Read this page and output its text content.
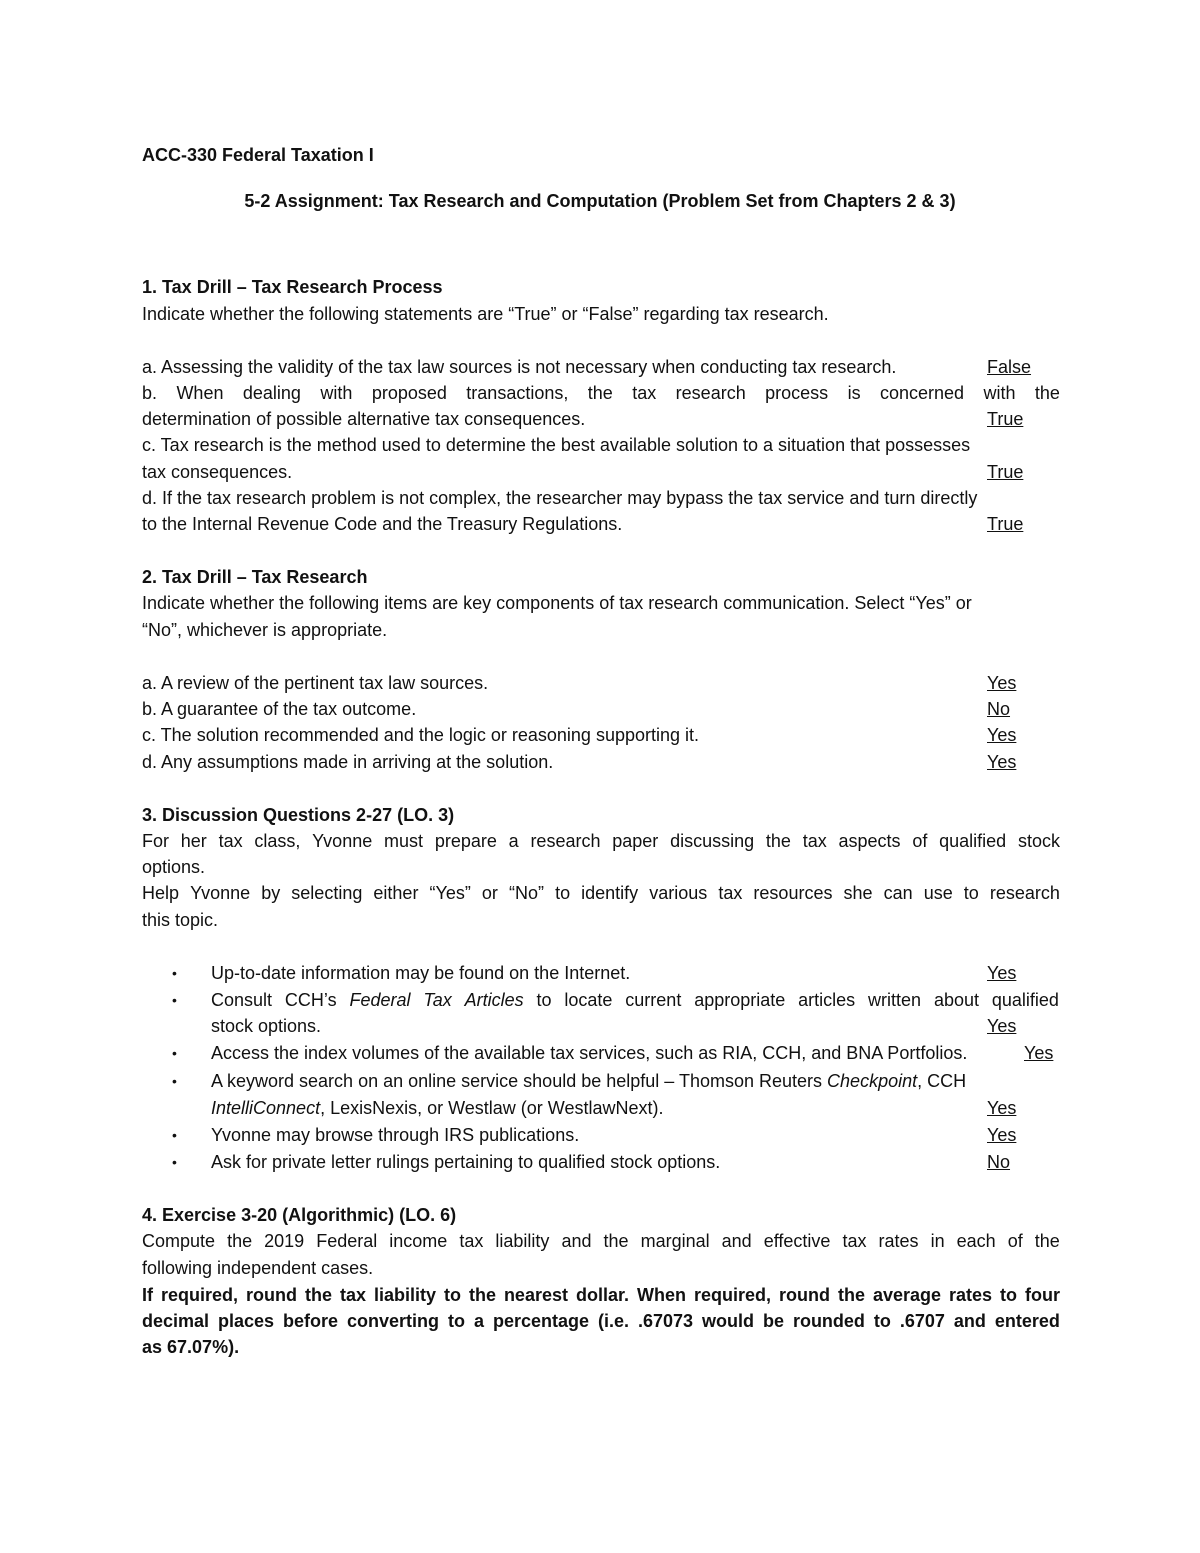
ACC-330 Federal Taxation I
5-2 Assignment: Tax Research and Computation (Problem Set from Chapters 2 & 3)
1. Tax Drill – Tax Research Process
Indicate whether the following statements are “True” or “False” regarding tax research.
a. Assessing the validity of the tax law sources is not necessary when conducting tax research.	False
b. When dealing with proposed transactions, the tax research process is concerned with the
determination of possible alternative tax consequences.	True
c. Tax research is the method used to determine the best available solution to a situation that possesses
tax consequences.	True
d. If the tax research problem is not complex, the researcher may bypass the tax service and turn directly
to the Internal Revenue Code and the Treasury Regulations.	True
2. Tax Drill – Tax Research
Indicate whether the following items are key components of tax research communication. Select “Yes” or
“No”, whichever is appropriate.
a. A review of the pertinent tax law sources.	Yes
b. A guarantee of the tax outcome.	No
c. The solution recommended and the logic or reasoning supporting it.	Yes
d. Any assumptions made in arriving at the solution.	Yes
3. Discussion Questions 2-27 (LO. 3)
For her tax class, Yvonne must prepare a research paper discussing the tax aspects of qualified stock
options.
Help Yvonne by selecting either “Yes” or “No” to identify various tax resources she can use to research
this topic.
• Up-to-date information may be found on the Internet.	Yes
• Consult CCH’s Federal Tax Articles to locate current appropriate articles written about qualified
stock options.	Yes
• Access the index volumes of the available tax services, such as RIA, CCH, and BNA Portfolios.	Yes
• A keyword search on an online service should be helpful – Thomson Reuters Checkpoint, CCH
IntelliConnect, LexisNexis, or Westlaw (or WestlawNext).	Yes
• Yvonne may browse through IRS publications.	Yes
• Ask for private letter rulings pertaining to qualified stock options.	No
4. Exercise 3-20 (Algorithmic) (LO. 6)
Compute the 2019 Federal income tax liability and the marginal and effective tax rates in each of the
following independent cases.
If required, round the tax liability to the nearest dollar. When required, round the average rates to four
decimal places before converting to a percentage (i.e. .67073 would be rounded to .6707 and entered
as 67.07%).
